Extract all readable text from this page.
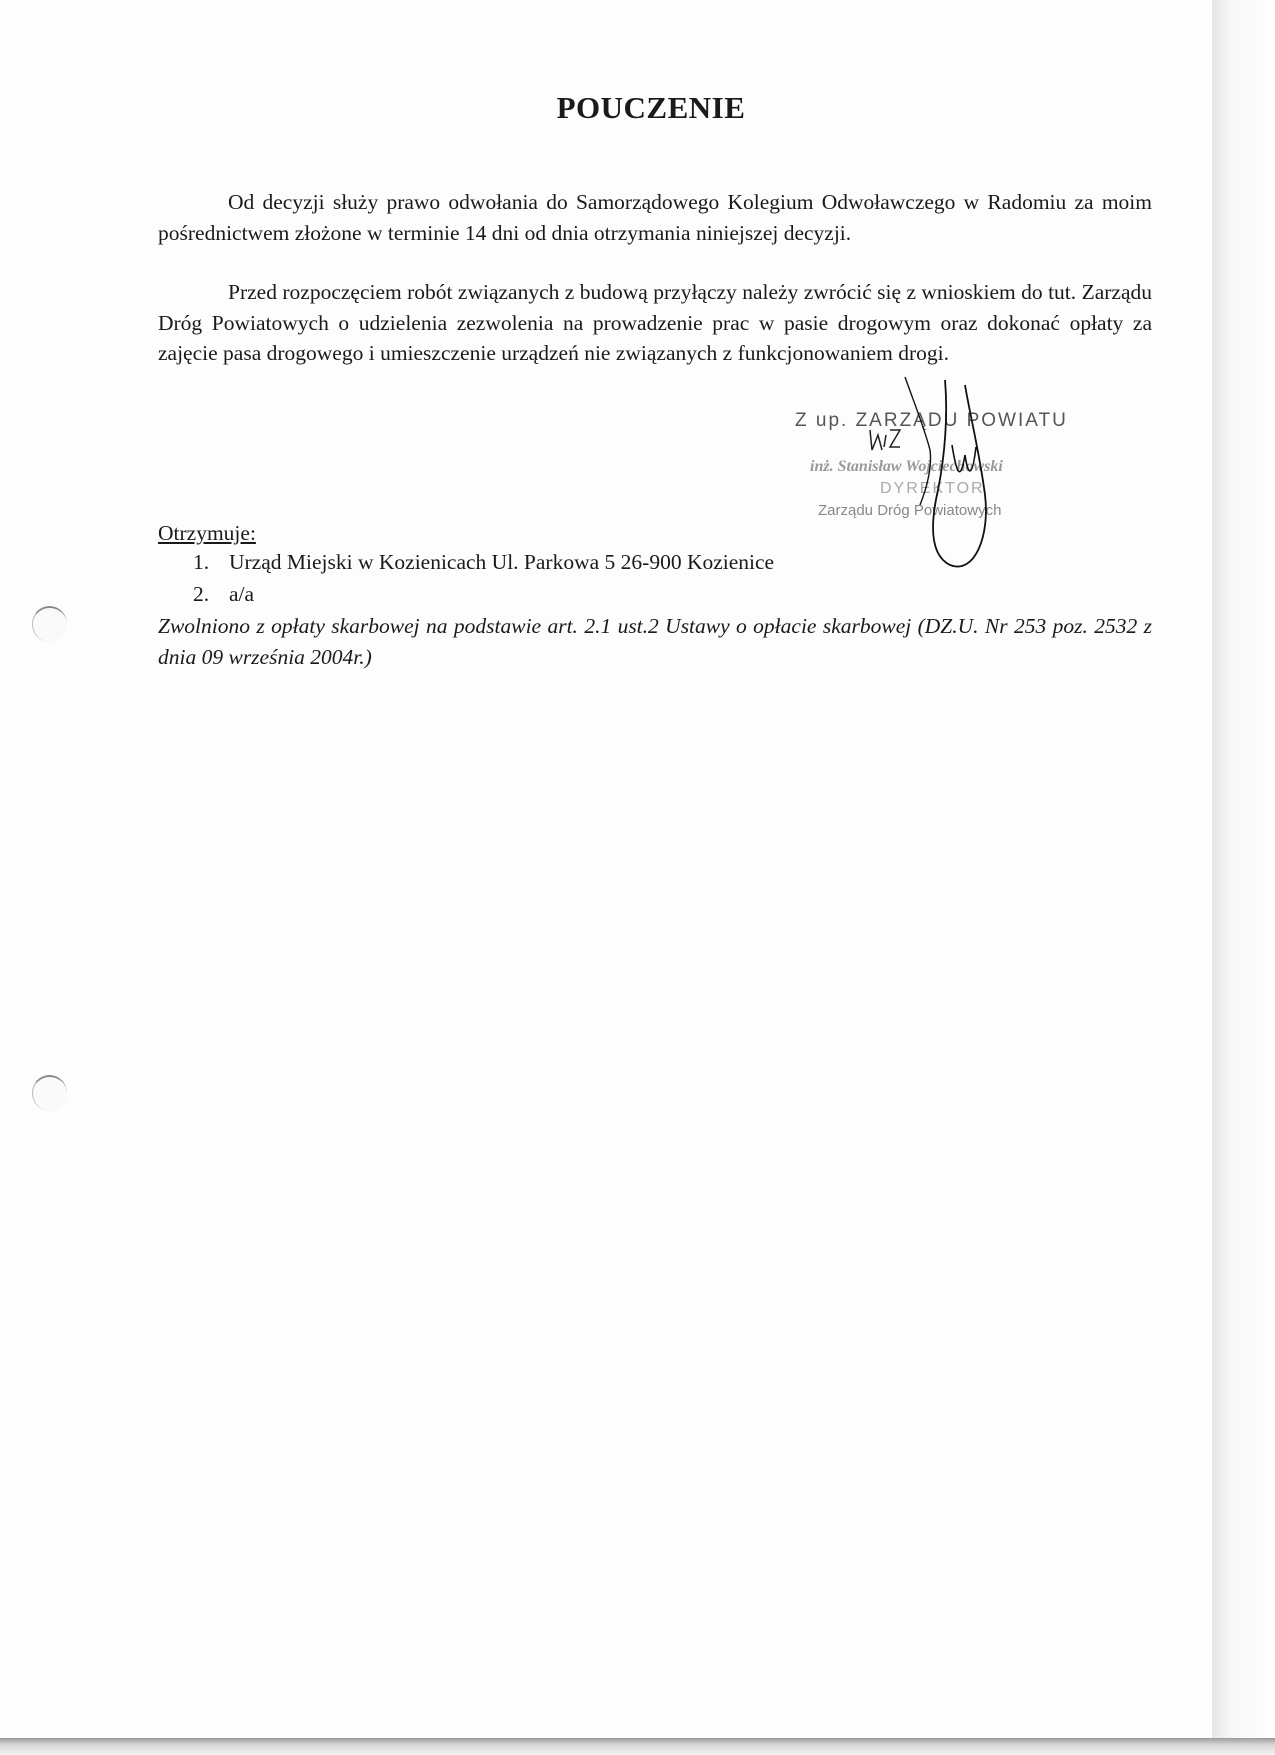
POUCZENIE

Od decyzji służy prawo odwołania do Samorządowego Kolegium Odwoławczego w Radomiu za moim pośrednictwem złożone w terminie 14 dni od dnia otrzymania niniejszej decyzji.

Przed rozpoczęciem robót związanych z budową przyłączy należy zwrócić się z wnioskiem do tut. Zarządu Dróg Powiatowych o udzielenia zezwolenia na prowadzenie prac w pasie drogowym oraz dokonać opłaty za zajęcie pasa drogowego i umieszczenie urządzeń nie związanych z funkcjonowaniem drogi.

Z up. ZARZĄDU POWIATU
inż. Stanisław Wojciechowski
DYREKTOR
Zarządu Dróg Powiatowych
Otrzymuje:
1. Urząd Miejski w Kozienicach Ul. Parkowa 5 26-900 Kozienice
2. a/a

Zwolniono z opłaty skarbowej na podstawie art. 2.1 ust.2 Ustawy o opłacie skarbowej (DZ.U. Nr 253 poz. 2532 z dnia 09 września 2004r.)
